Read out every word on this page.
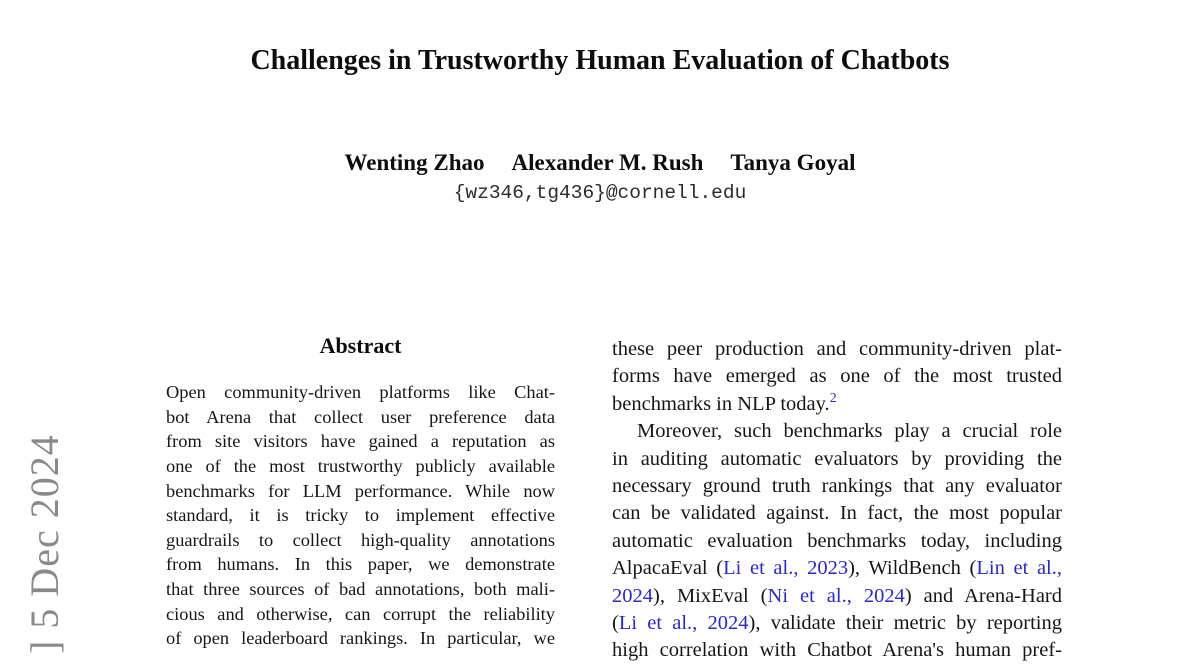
] 5 Dec 2024
Challenges in Trustworthy Human Evaluation of Chatbots
Wenting Zhao Alexander M. Rush Tanya Goyal
{wz346,tg436}@cornell.edu
Abstract
Open community-driven platforms like Chat-
bot Arena that collect user preference data
from site visitors have gained a reputation as
one of the most trustworthy publicly available
benchmarks for LLM performance. While now
standard, it is tricky to implement effective
guardrails to collect high-quality annotations
from humans. In this paper, we demonstrate
that three sources of bad annotations, both mali-
cious and otherwise, can corrupt the reliability
of open leaderboard rankings. In particular, we
these peer production and community-driven plat-
forms have emerged as one of the most trusted
benchmarks in NLP today.$^2$
Moreover, such benchmarks play a crucial role
in auditing automatic evaluators by providing the
necessary ground truth rankings that any evaluator
can be validated against. In fact, the most popular
automatic evaluation benchmarks today, including
AlpacaEval (Li et al., 2023), WildBench (Lin et al.,
2024), MixEval (Ni et al., 2024) and Arena-Hard
(Li et al., 2024), validate their metric by reporting
high correlation with Chatbot Arena's human pref-
